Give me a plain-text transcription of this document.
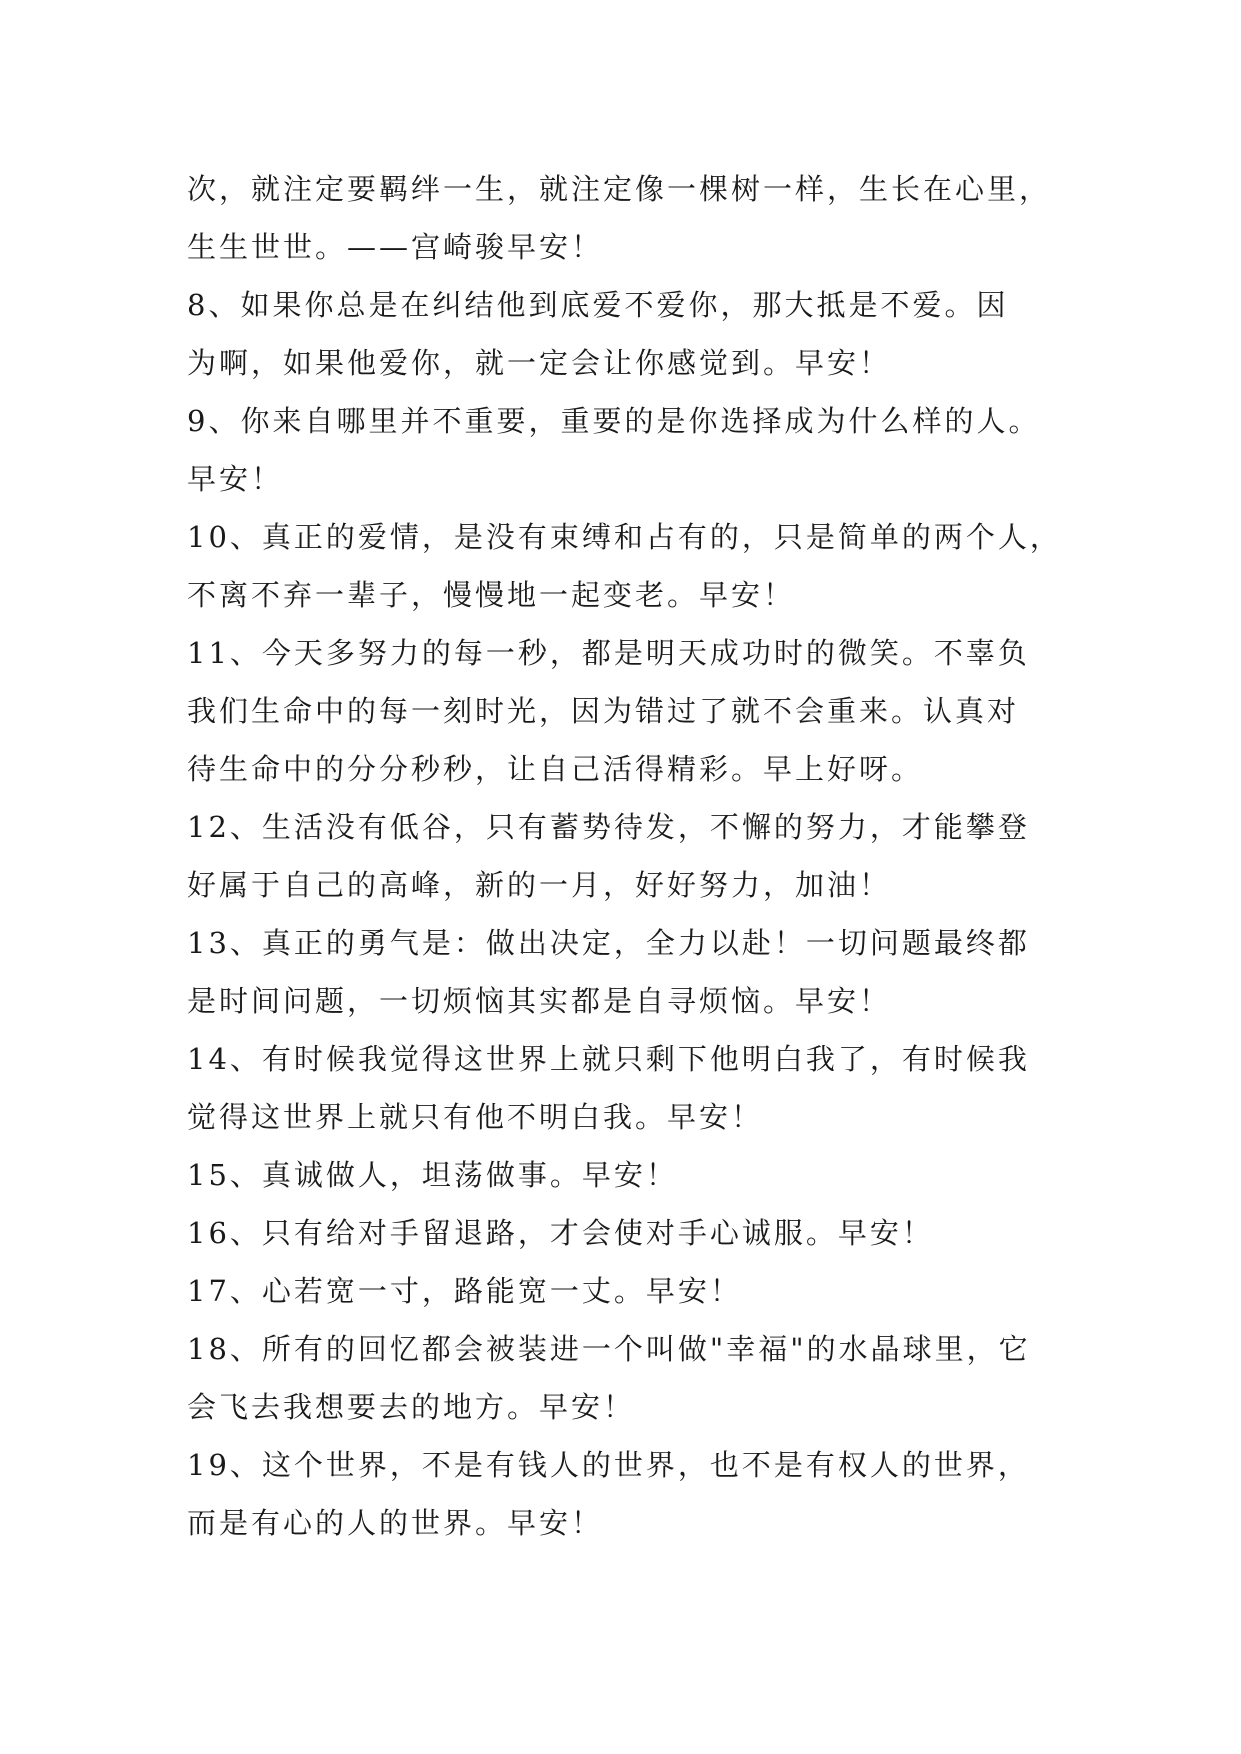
次，就注定要羁绊一生，就注定像一棵树一样，生长在心里，

生生世世。——宫崎骏早安！

8、如果你总是在纠结他到底爱不爱你，那大抵是不爱。因

为啊，如果他爱你，就一定会让你感觉到。早安！

9、你来自哪里并不重要，重要的是你选择成为什么样的人。

早安！

10、真正的爱情，是没有束缚和占有的，只是简单的两个人，

不离不弃一辈子，慢慢地一起变老。早安！

11、今天多努力的每一秒，都是明天成功时的微笑。不辜负

我们生命中的每一刻时光，因为错过了就不会重来。认真对

待生命中的分分秒秒，让自己活得精彩。早上好呀。

12、生活没有低谷，只有蓄势待发，不懈的努力，才能攀登

好属于自己的高峰，新的一月，好好努力，加油！

13、真正的勇气是：做出决定，全力以赴！一切问题最终都

是时间问题，一切烦恼其实都是自寻烦恼。早安！

14、有时候我觉得这世界上就只剩下他明白我了，有时候我

觉得这世界上就只有他不明白我。早安！

15、真诚做人，坦荡做事。早安！

16、只有给对手留退路，才会使对手心诚服。早安！

17、心若宽一寸，路能宽一丈。早安！

18、所有的回忆都会被装进一个叫做"幸福"的水晶球里，它

会飞去我想要去的地方。早安！

19、这个世界，不是有钱人的世界，也不是有权人的世界，

而是有心的人的世界。早安！
